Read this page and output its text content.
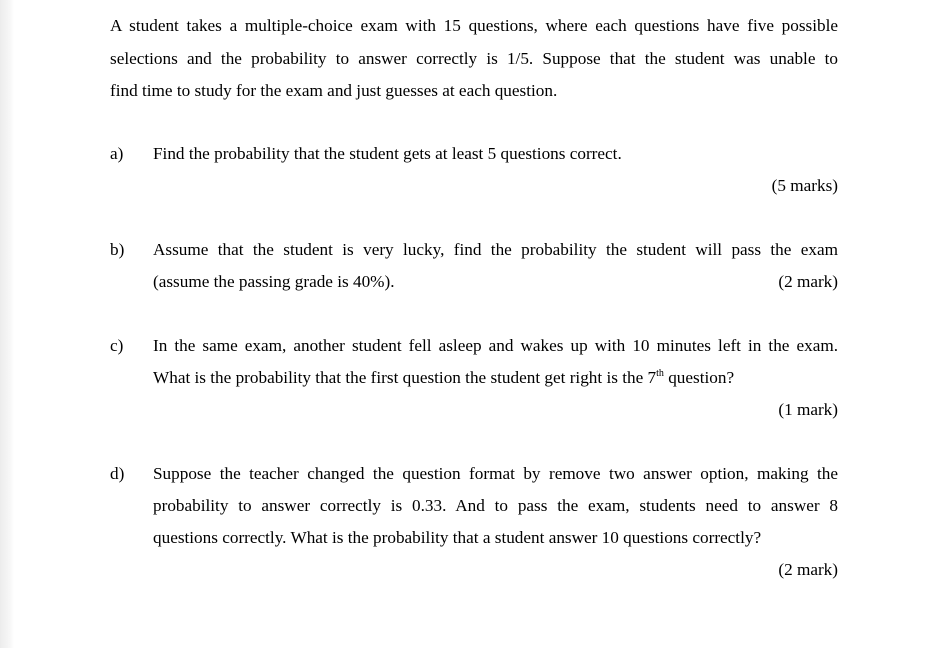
A student takes a multiple-choice exam with 15 questions, where each questions have five possible
selections and the probability to answer correctly is 1/5. Suppose that the student was unable to
find time to study for the exam and just guesses at each question.
a) Find the probability that the student gets at least 5 questions correct.
(5 marks)
b) Assume that the student is very lucky, find the probability the student will pass the exam
(assume the passing grade is 40%).	(2 mark)
c) In the same exam, another student fell asleep and wakes up with 10 minutes left in the exam.
What is the probability that the first question the student get right is the 7th question?
(1 mark)
d) Suppose the teacher changed the question format by remove two answer option, making the
probability to answer correctly is 0.33. And to pass the exam, students need to answer 8
questions correctly. What is the probability that a student answer 10 questions correctly?
(2 mark)
